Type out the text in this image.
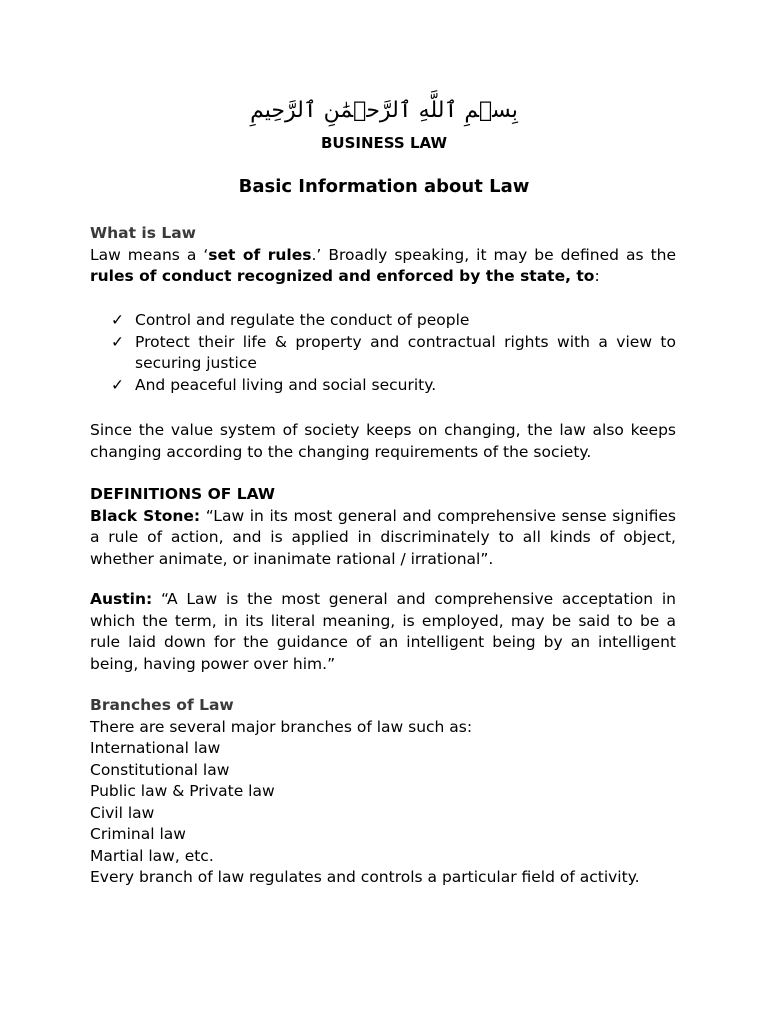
بِسۡمِ ٱللَّهِ ٱلرَّحۡمَٰنِ ٱلرَّحِيمِ
BUSINESS LAW
Basic Information about Law
What is Law
Law means a ‘set of rules.’ Broadly speaking, it may be defined as the rules of conduct recognized and enforced by the state, to:
✓ Control and regulate the conduct of people
✓ Protect their life & property and contractual rights with a view to securing justice
✓ And peaceful living and social security.
Since the value system of society keeps on changing, the law also keeps changing according to the changing requirements of the society.
DEFINITIONS OF LAW
Black Stone: “Law in its most general and comprehensive sense signifies a rule of action, and is applied in discriminately to all kinds of object, whether animate, or inanimate rational / irrational”.
Austin: “A Law is the most general and comprehensive acceptation in which the term, in its literal meaning, is employed, may be said to be a rule laid down for the guidance of an intelligent being by an intelligent being, having power over him.”
Branches of Law
There are several major branches of law such as:
International law
Constitutional law
Public law & Private law
Civil law
Criminal law
Martial law, etc.
Every branch of law regulates and controls a particular field of activity.
